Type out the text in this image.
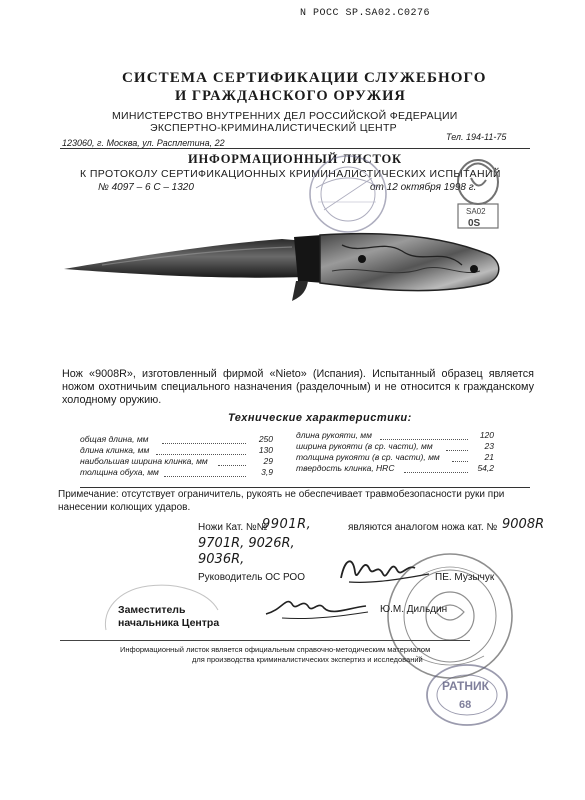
N РОСС SP.SA02.С0276
СИСТЕМА СЕРТИФИКАЦИИ СЛУЖЕБНОГО
И ГРАЖДАНСКОГО ОРУЖИЯ
МИНИСТЕРСТВО ВНУТРЕННИХ ДЕЛ РОССИЙСКОЙ ФЕДЕРАЦИИ
ЭКСПЕРТНО-КРИМИНАЛИСТИЧЕСКИЙ ЦЕНТР
123060, г. Москва, ул. Расплетина, 22
Тел. 194-11-75
ИНФОРМАЦИОННЫЙ ЛИСТОК
К ПРОТОКОЛУ СЕРТИФИКАЦИОННЫХ КРИМИНАЛИСТИЧЕСКИХ ИСПЫТАНИЙ
№ 4097 – 6 С – 1320	от 12 октября 1998 г.
SA02
0S
Нож «9008R», изготовленный фирмой «Nieto» (Испания). Испытанный образец является ножом охотничьим специального назначения (разделочным) и не относится к гражданскому холодному оружию.
Технические характеристики:
общая длина, мм	250
длина клинка, мм	130
наибольшая ширина клинка, мм	29
толщина обуха, мм	3,9
длина рукояти, мм	120
ширина рукояти (в ср. части), мм	23
толщина рукояти (в ср. части), мм	21
твердость клинка, HRC	54,2
Примечание: отсутствует ограничитель, рукоять не обеспечивает травмобезопасности руки при нанесении колющих ударов.
Ножи Кат. №№
9901R,	являются аналогом ножа кат. № 9008R
9701R, 9026R,
9036R,
Руководитель ОС РОО	ПЕ. Музычук
Заместитель
начальника Центра
Ю.М. Дильдин
Информационный листок является официальным справочно-методическим материалом
для производства криминалистических экспертиз и исследований
РАТНИК
68
